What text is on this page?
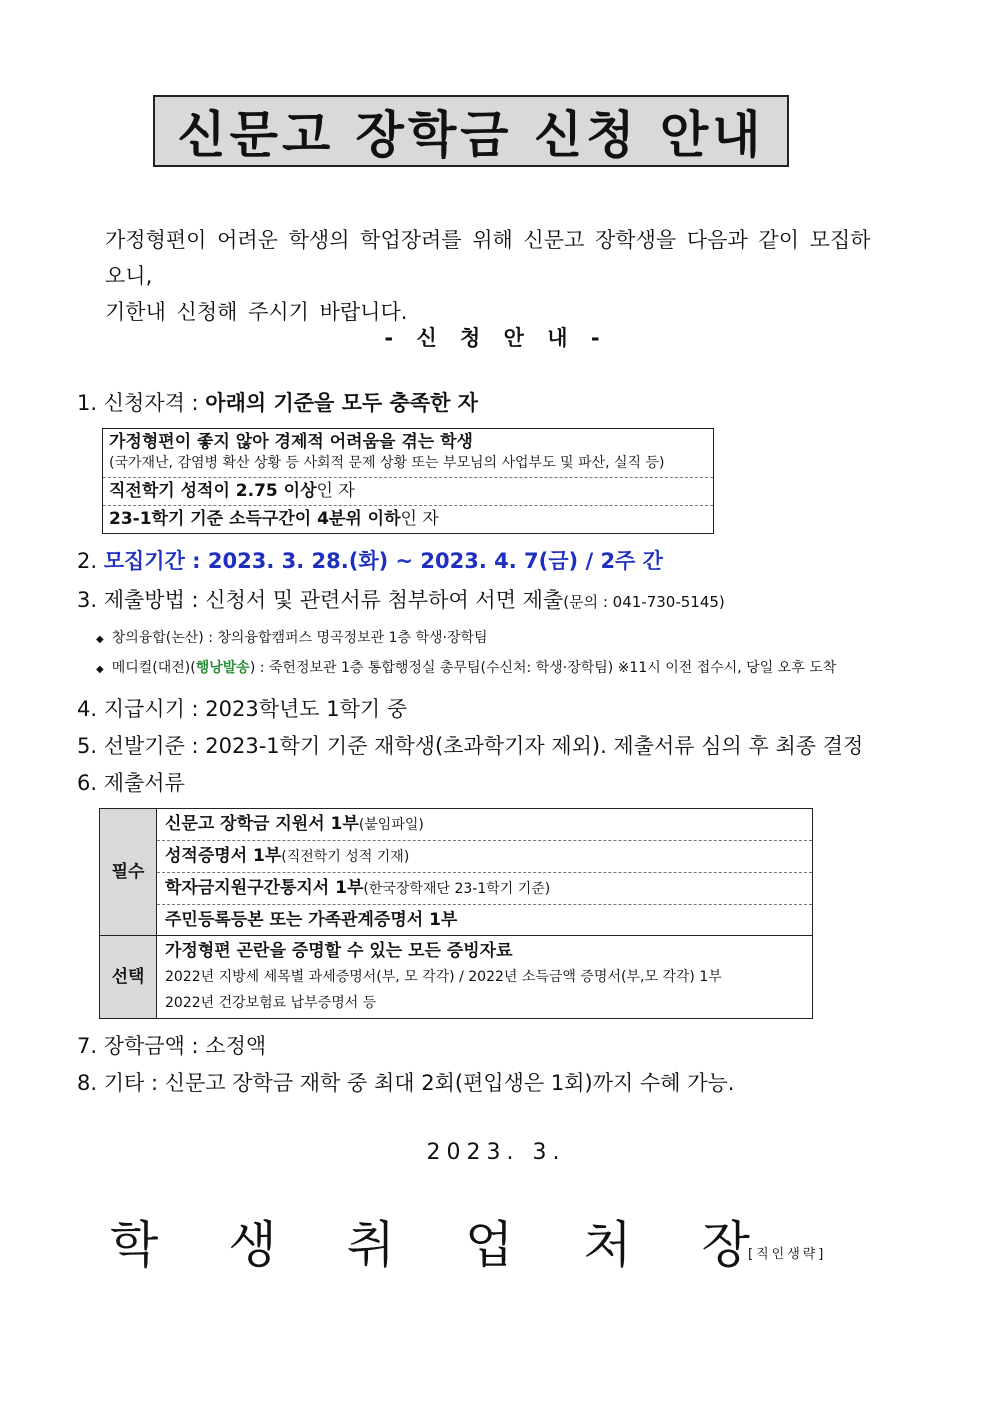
신문고 장학금 신청 안내
가정형편이 어려운 학생의 학업장려를 위해 신문고 장학생을 다음과 같이 모집하오니,
기한내 신청해 주시기 바랍니다.
- 신 청 안 내 -
1. 신청자격 : 아래의 기준을 모두 충족한 자
가정형편이 좋지 않아 경제적 어려움을 겪는 학생
(국가재난, 감염병 확산 상황 등 사회적 문제 상황 또는 부모님의 사업부도 및 파산, 실직 등)

직전학기 성적이 2.75 이상인 자
23-1학기 기준 소득구간이 4분위 이하인 자
2. 모집기간 : 2023. 3. 28.(화) ~ 2023. 4. 7(금) / 2주 간
3. 제출방법 : 신청서 및 관련서류 첨부하여 서면 제출(문의 : 041-730-5145)
◆ 창의융합(논산) : 창의융합캠퍼스 명곡정보관 1층 학생·장학팀
◆ 메디컬(대전)(행낭발송) : 죽헌정보관 1층 통합행정실 총무팀(수신처: 학생·장학팀) ※11시 이전 접수시, 당일 오후 도착
4. 지급시기 : 2023학년도 1학기 중
5. 선발기준 : 2023-1학기 기준 재학생(초과학기자 제외). 제출서류 심의 후 최종 결정
6. 제출서류
필수	신문고 장학금 지원서 1부(붙임파일)
	성적증명서 1부(직전학기 성적 기재)
	학자금지원구간통지서 1부(한국장학재단 23-1학기 기준)
	주민등록등본 또는 가족관계증명서 1부
선택	가정형편 곤란을 증명할 수 있는 모든 증빙자료
2022년 지방세 세목별 과세증명서(부, 모 각각) / 2022년 소득금액 증명서(부,모 각각) 1부
2022년 건강보험료 납부증명서 등
7. 장학금액 : 소정액
8. 기타 : 신문고 장학금 재학 중 최대 2회(편입생은 1회)까지 수혜 가능.
2023. 3.
학 생 취 업 처 장
[직인생략]
